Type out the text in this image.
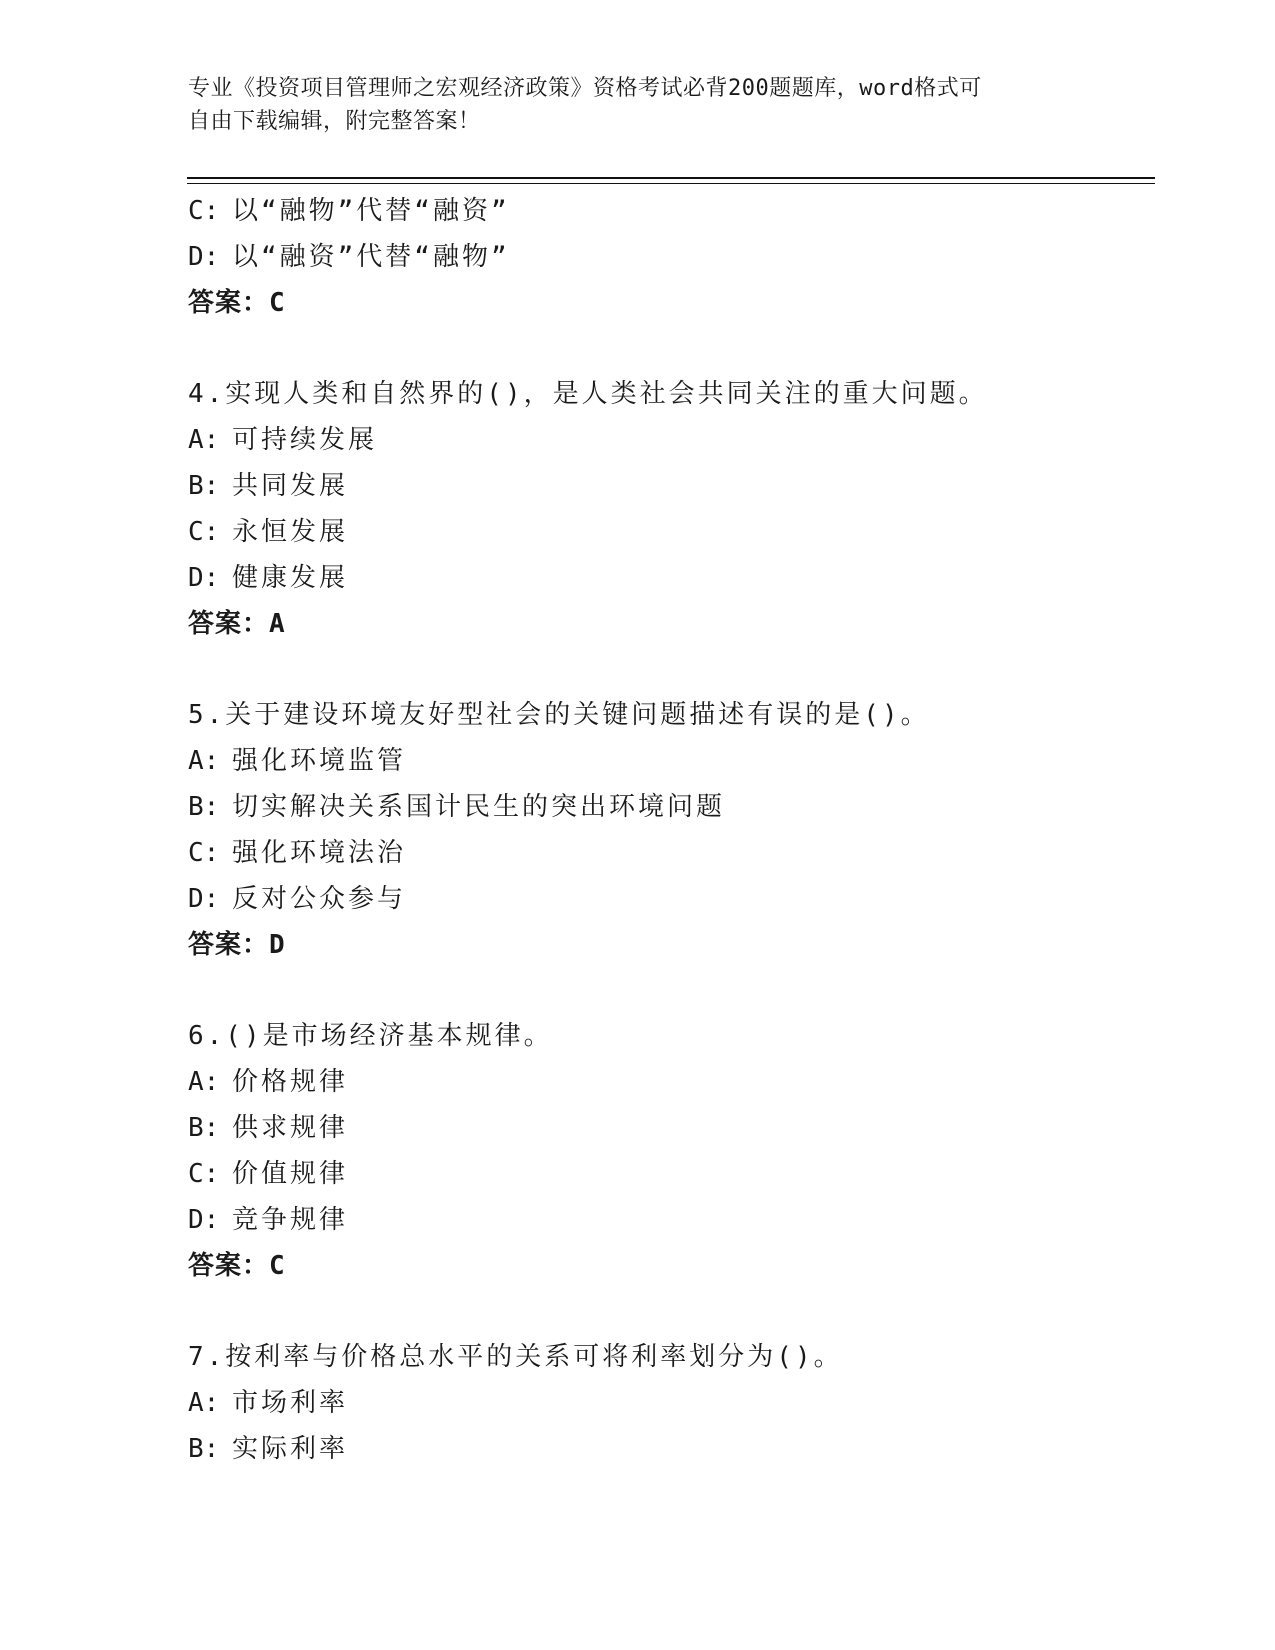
专业《投资项目管理师之宏观经济政策》资格考试必背200题题库，word格式可
自由下载编辑，附完整答案！
C: 以“融物”代替“融资”
D: 以“融资”代替“融物”
答案：C
4.实现人类和自然界的()，是人类社会共同关注的重大问题。
A: 可持续发展
B: 共同发展
C: 永恒发展
D: 健康发展
答案：A
5.关于建设环境友好型社会的关键问题描述有误的是()。
A: 强化环境监管
B: 切实解决关系国计民生的突出环境问题
C: 强化环境法治
D: 反对公众参与
答案：D
6.()是市场经济基本规律。
A: 价格规律
B: 供求规律
C: 价值规律
D: 竞争规律
答案：C
7.按利率与价格总水平的关系可将利率划分为()。
A: 市场利率
B: 实际利率
